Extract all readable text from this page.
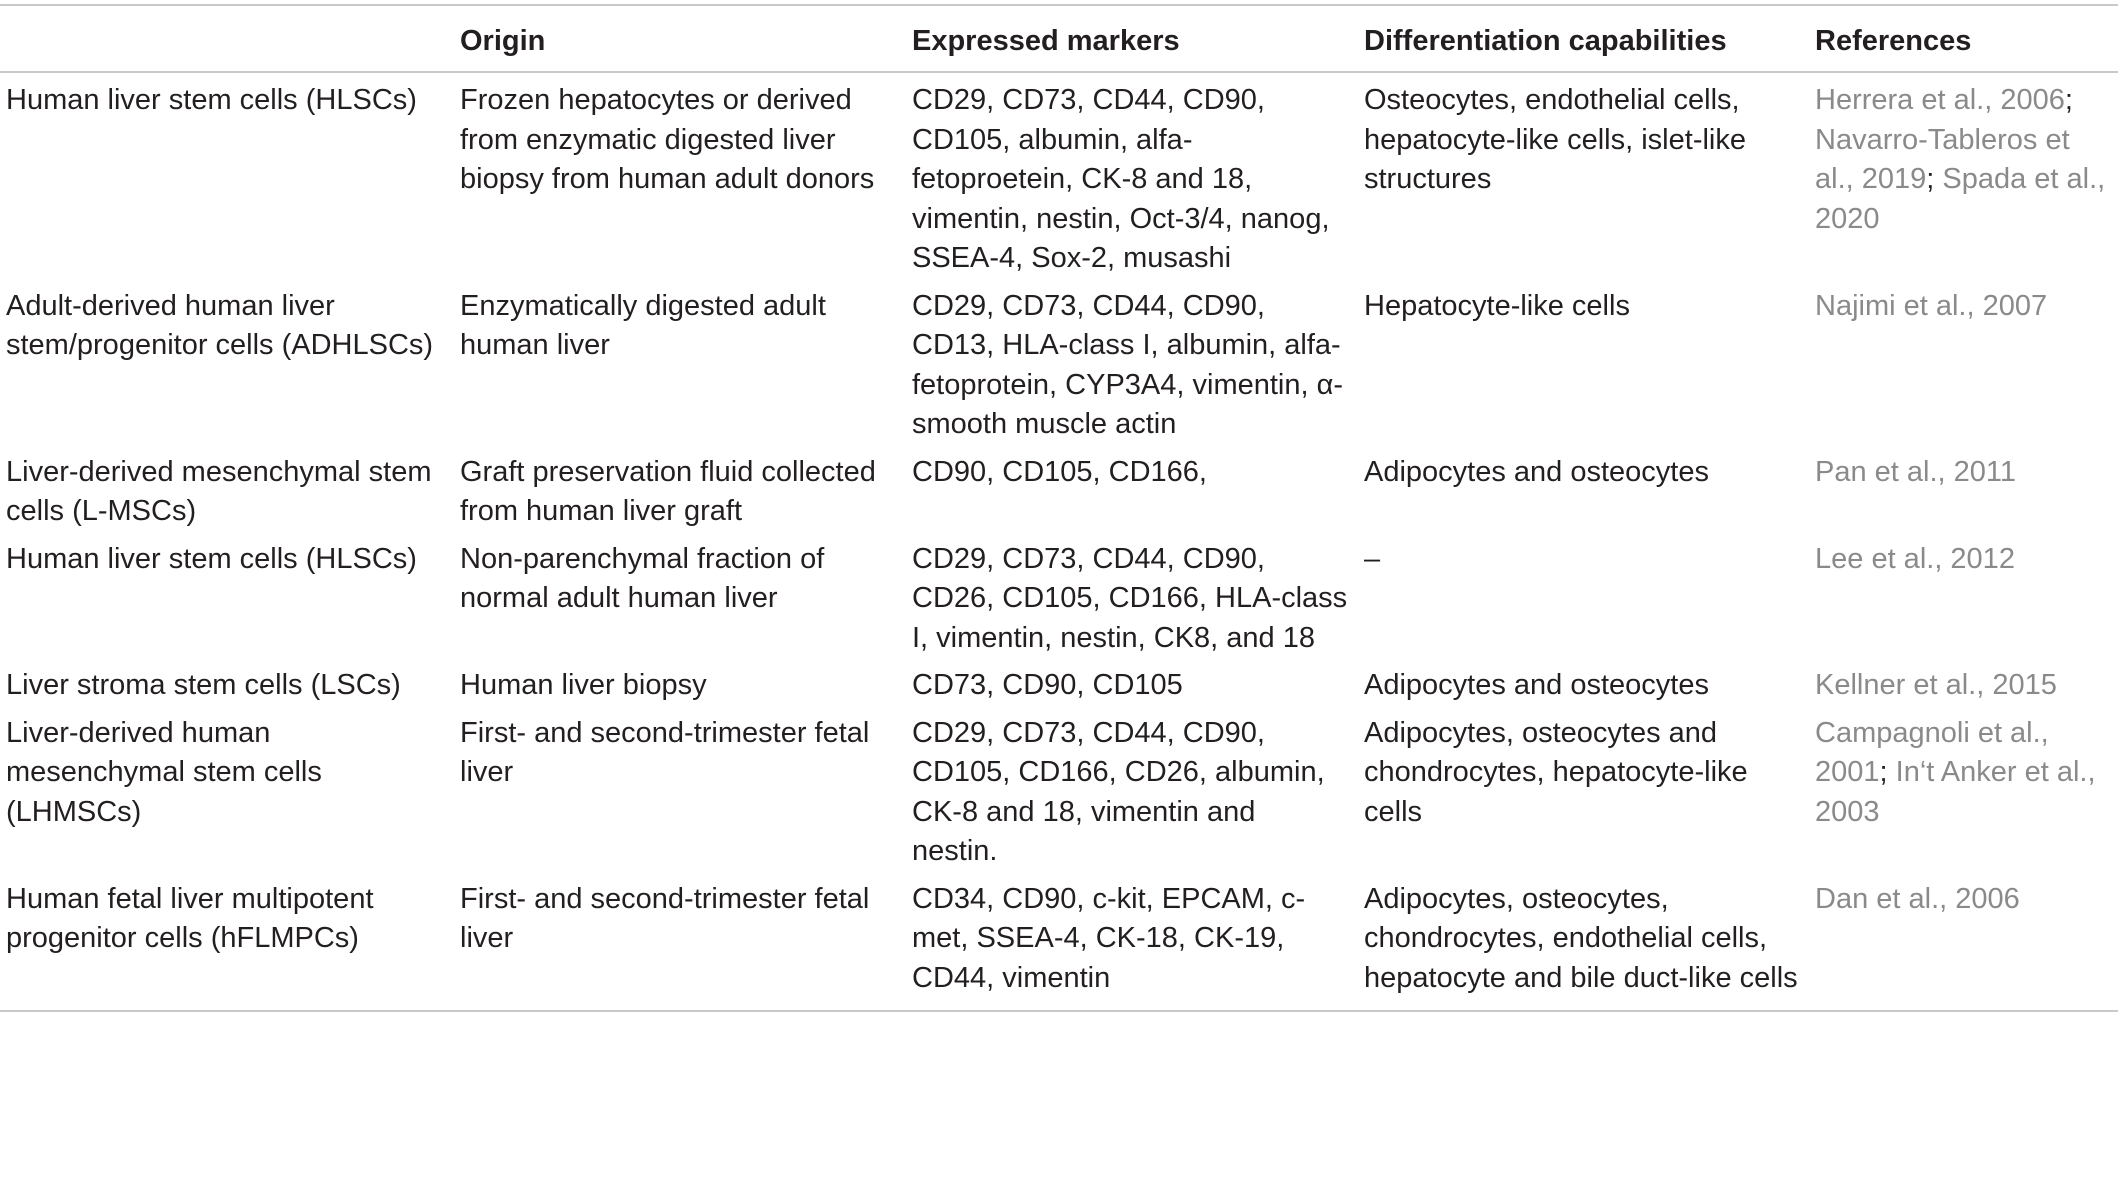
	Origin	Expressed markers	Differentiation capabilities	References
Human liver stem cells (HLSCs)	Frozen hepatocytes or derived from enzymatic digested liver biopsy from human adult donors	CD29, CD73, CD44, CD90, CD105, albumin, alfa-fetoproetein, CK-8 and 18, vimentin, nestin, Oct-3/4, nanog, SSEA-4, Sox-2, musashi	Osteocytes, endothelial cells, hepatocyte-like cells, islet-like structures	Herrera et al., 2006; Navarro-Tableros et al., 2019; Spada et al., 2020
Adult-derived human liver stem/progenitor cells (ADHLSCs)	Enzymatically digested adult human liver	CD29, CD73, CD44, CD90, CD13, HLA-class I, albumin, alfa-fetoprotein, CYP3A4, vimentin, α-smooth muscle actin	Hepatocyte-like cells	Najimi et al., 2007
Liver-derived mesenchymal stem cells (L-MSCs)	Graft preservation fluid collected from human liver graft	CD90, CD105, CD166,	Adipocytes and osteocytes	Pan et al., 2011
Human liver stem cells (HLSCs)	Non-parenchymal fraction of normal adult human liver	CD29, CD73, CD44, CD90, CD26, CD105, CD166, HLA-class I, vimentin, nestin, CK8, and 18	–	Lee et al., 2012
Liver stroma stem cells (LSCs)	Human liver biopsy	CD73, CD90, CD105	Adipocytes and osteocytes	Kellner et al., 2015
Liver-derived human mesenchymal stem cells (LHMSCs)	First- and second-trimester fetal liver	CD29, CD73, CD44, CD90, CD105, CD166, CD26, albumin, CK-8 and 18, vimentin and nestin.	Adipocytes, osteocytes and chondrocytes, hepatocyte-like cells	Campagnoli et al., 2001; In‘t Anker et al., 2003
Human fetal liver multipotent progenitor cells (hFLMPCs)	First- and second-trimester fetal liver	CD34, CD90, c-kit, EPCAM, c-met, SSEA-4, CK-18, CK-19, CD44, vimentin	Adipocytes, osteocytes, chondrocytes, endothelial cells, hepatocyte and bile duct-like cells	Dan et al., 2006
